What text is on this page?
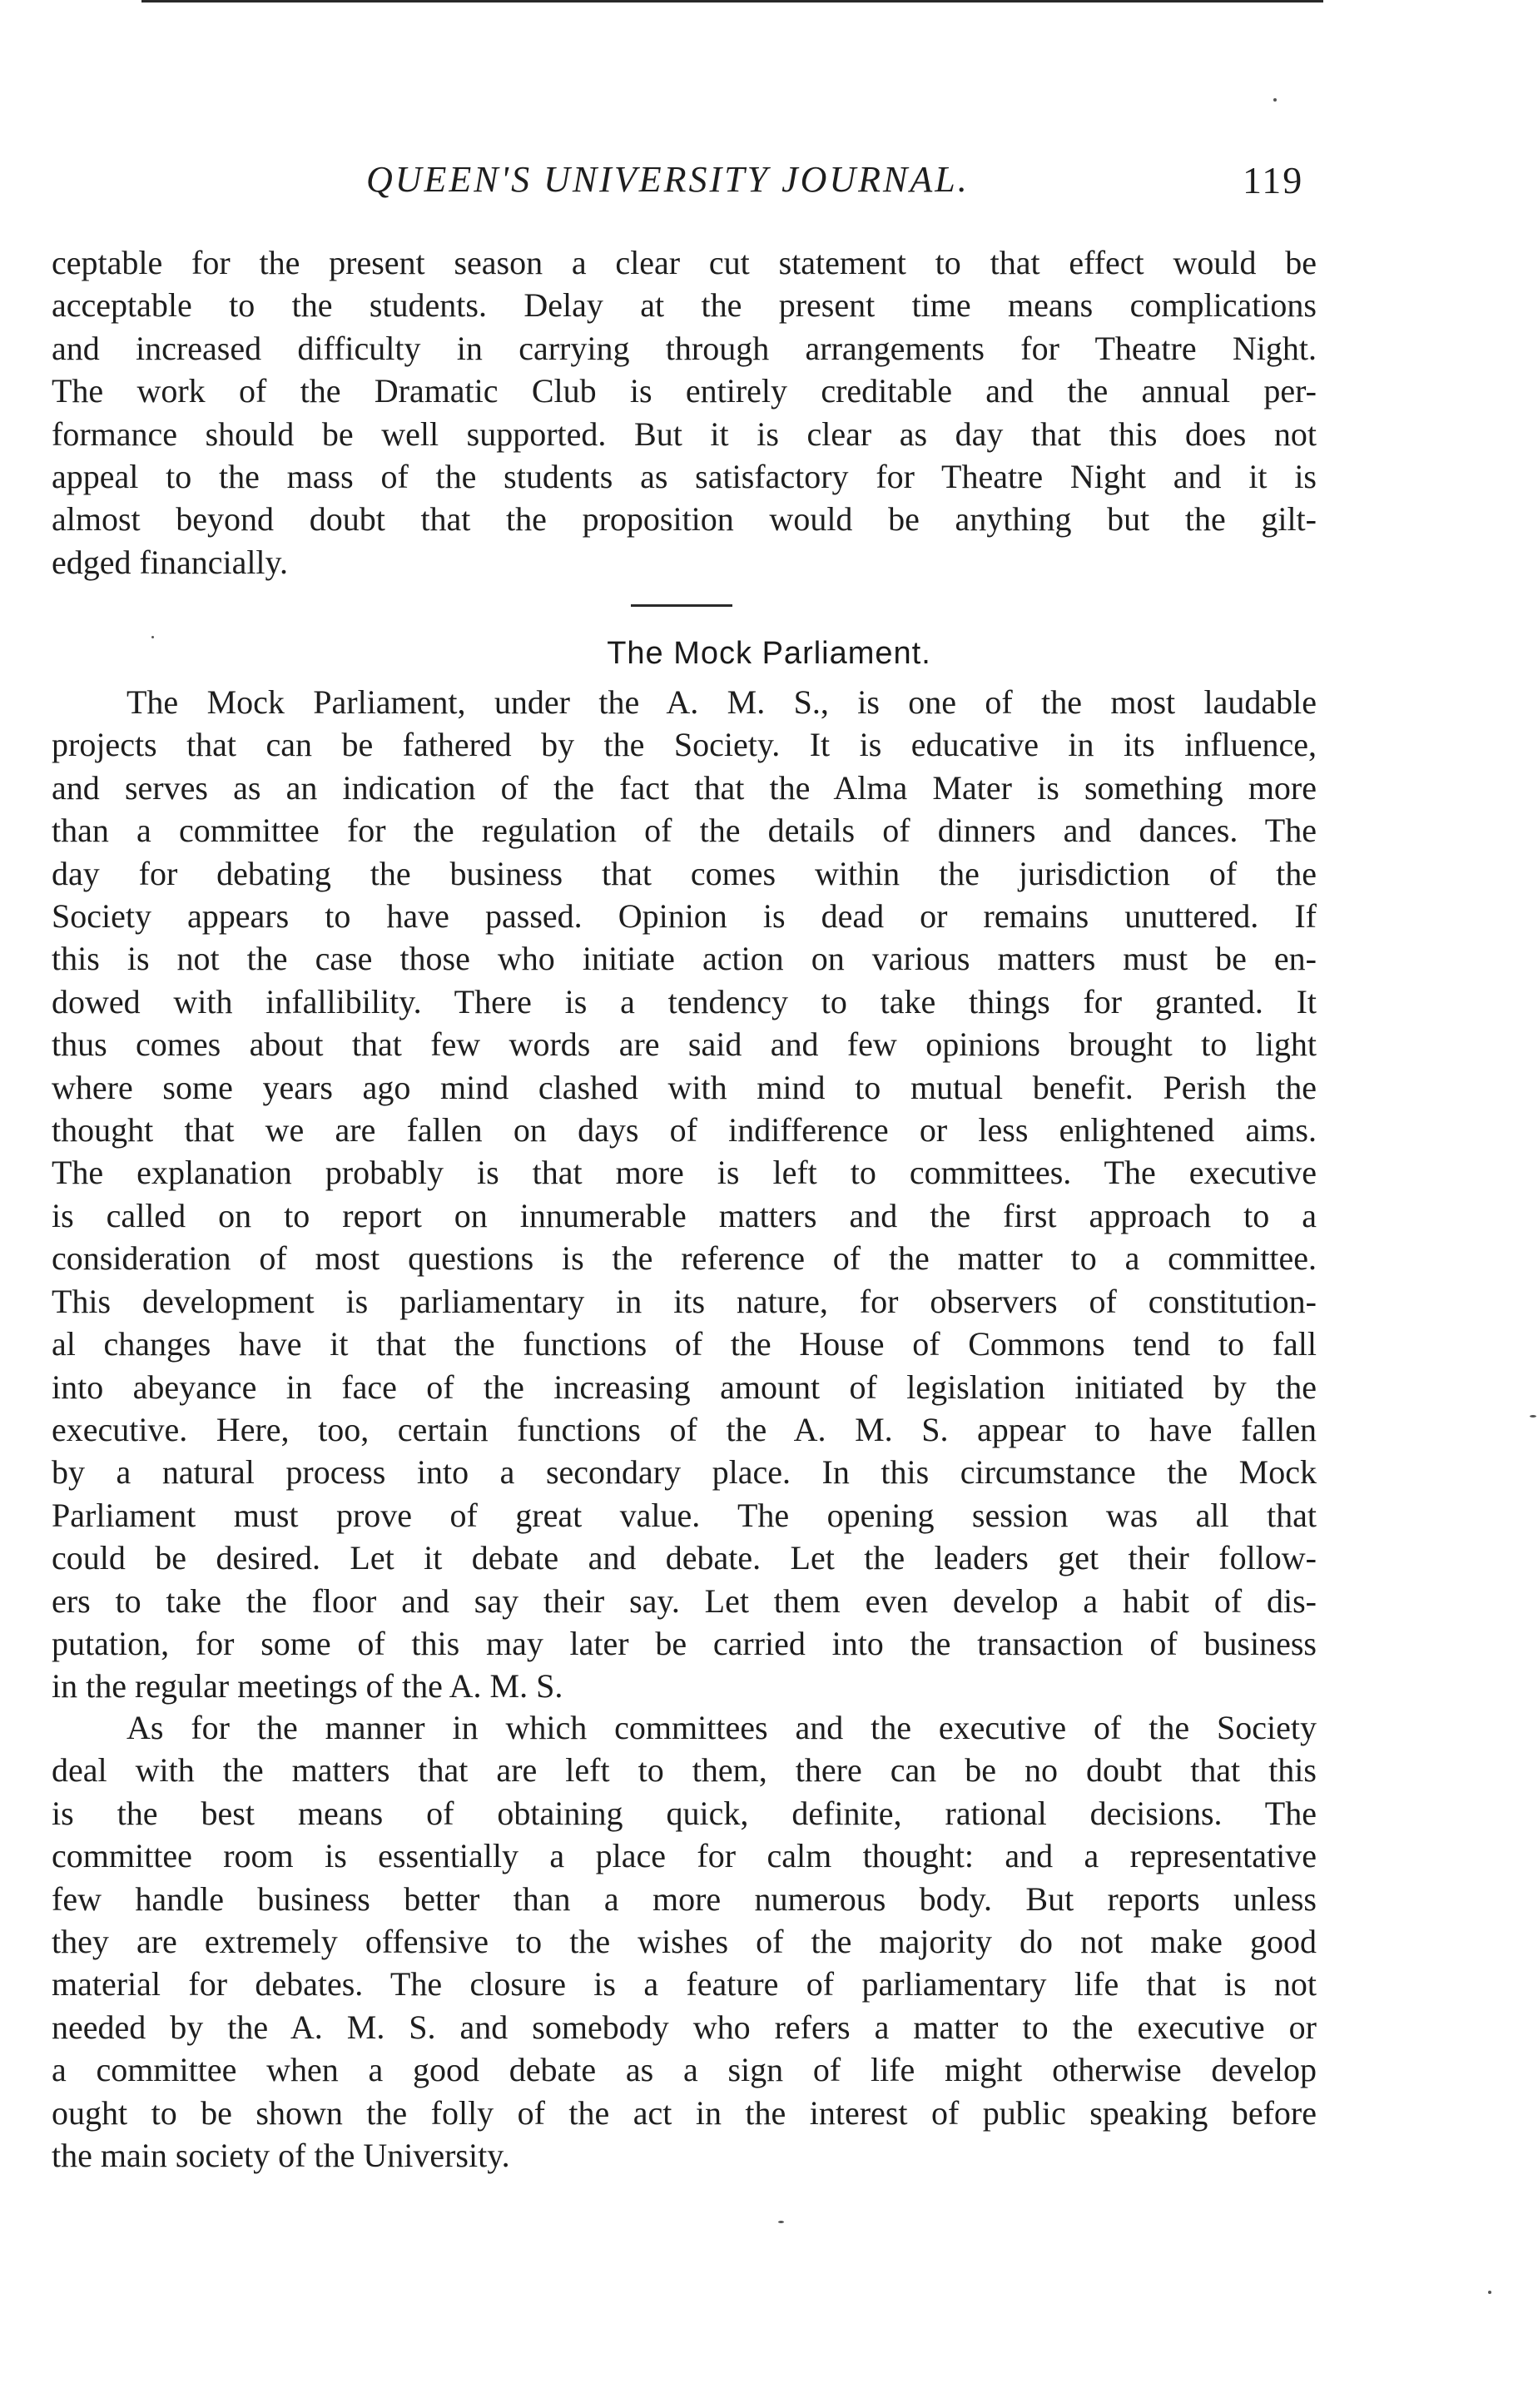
QUEEN'S UNIVERSITY JOURNAL.	119
ceptable for the present season a clear cut statement to that effect would be
acceptable to the students. Delay at the present time means complications
and increased difficulty in carrying through arrangements for Theatre Night.
The work of the Dramatic Club is entirely creditable and the annual per-
formance should be well supported. But it is clear as day that this does not
appeal to the mass of the students as satisfactory for Theatre Night and it is
almost beyond doubt that the proposition would be anything but the gilt-
edged financially.
The Mock Parliament.
The Mock Parliament, under the A. M. S., is one of the most laudable
projects that can be fathered by the Society. It is educative in its influence,
and serves as an indication of the fact that the Alma Mater is something more
than a committee for the regulation of the details of dinners and dances. The
day for debating the business that comes within the jurisdiction of the
Society appears to have passed. Opinion is dead or remains unuttered. If
this is not the case those who initiate action on various matters must be en-
dowed with infallibility. There is a tendency to take things for granted. It
thus comes about that few words are said and few opinions brought to light
where some years ago mind clashed with mind to mutual benefit. Perish the
thought that we are fallen on days of indifference or less enlightened aims.
The explanation probably is that more is left to committees. The executive
is called on to report on innumerable matters and the first approach to a
consideration of most questions is the reference of the matter to a committee.
This development is parliamentary in its nature, for observers of constitution-
al changes have it that the functions of the House of Commons tend to fall
into abeyance in face of the increasing amount of legislation initiated by the
executive. Here, too, certain functions of the A. M. S. appear to have fallen
by a natural process into a secondary place. In this circumstance the Mock
Parliament must prove of great value. The opening session was all that
could be desired. Let it debate and debate. Let the leaders get their follow-
ers to take the floor and say their say. Let them even develop a habit of dis-
putation, for some of this may later be carried into the transaction of business
in the regular meetings of the A. M. S.
As for the manner in which committees and the executive of the Society
deal with the matters that are left to them, there can be no doubt that this
is the best means of obtaining quick, definite, rational decisions. The
committee room is essentially a place for calm thought: and a representative
few handle business better than a more numerous body. But reports unless
they are extremely offensive to the wishes of the majority do not make good
material for debates. The closure is a feature of parliamentary life that is not
needed by the A. M. S. and somebody who refers a matter to the executive or
a committee when a good debate as a sign of life might otherwise develop
ought to be shown the folly of the act in the interest of public speaking before
the main society of the University.
